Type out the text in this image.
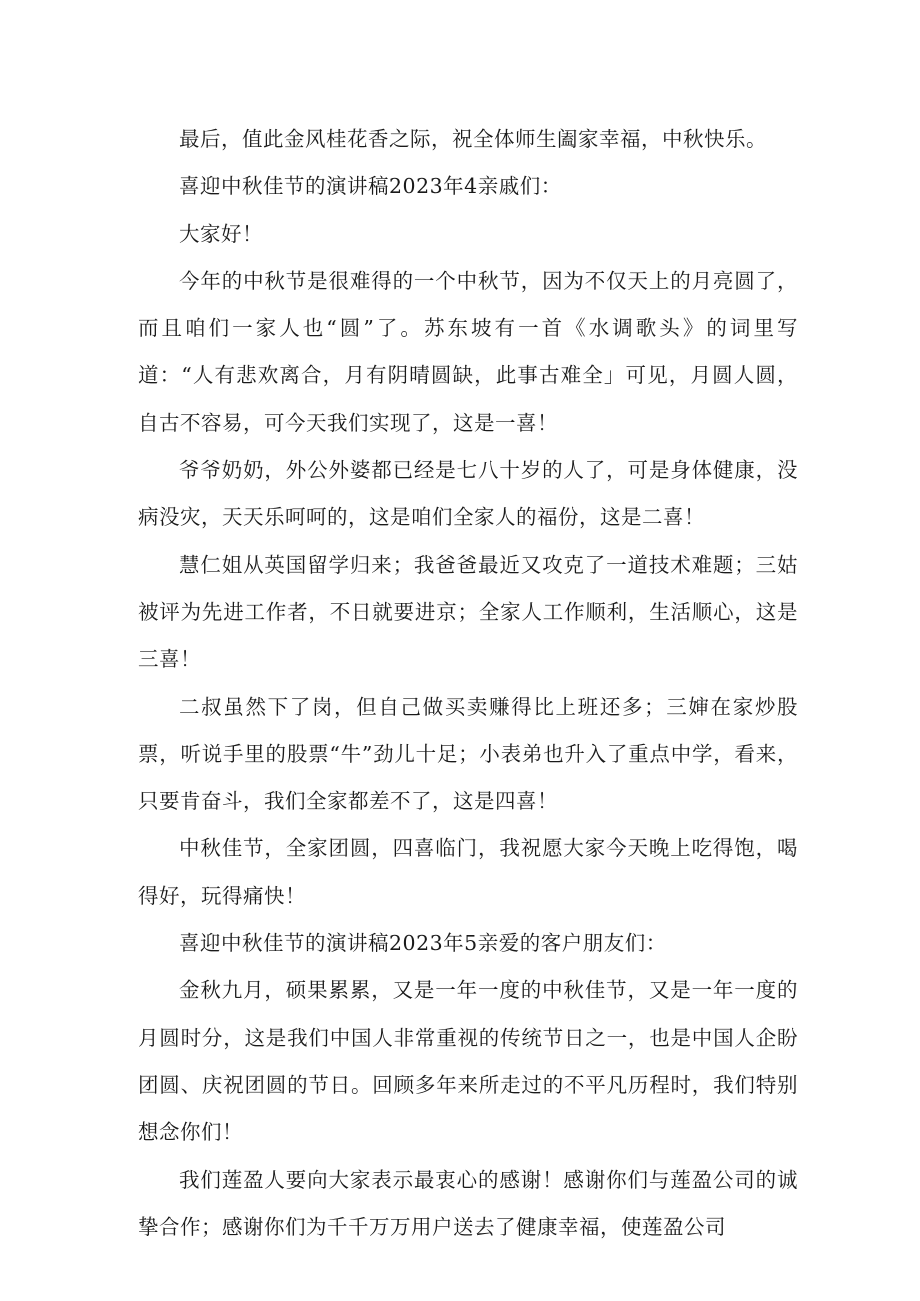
最后，值此金风桂花香之际，祝全体师生阖家幸福，中秋快乐。

喜迎中秋佳节的演讲稿2023年4亲戚们：

大家好！

今年的中秋节是很难得的一个中秋节，因为不仅天上的月亮圆了，而且咱们一家人也“圆”了。苏东坡有一首《水调歌头》的词里写道：“人有悲欢离合，月有阴晴圆缺，此事古难全」可见，月圆人圆，自古不容易，可今天我们实现了，这是一喜！

爷爷奶奶，外公外婆都已经是七八十岁的人了，可是身体健康，没病没灾，天天乐呵呵的，这是咱们全家人的福份，这是二喜！

慧仁姐从英国留学归来；我爸爸最近又攻克了一道技术难题；三姑被评为先进工作者，不日就要进京；全家人工作顺利，生活顺心，这是三喜！

二叔虽然下了岗，但自己做买卖赚得比上班还多；三婶在家炒股票，听说手里的股票“牛”劲儿十足；小表弟也升入了重点中学，看来，只要肯奋斗，我们全家都差不了，这是四喜！

中秋佳节，全家团圆，四喜临门，我祝愿大家今天晚上吃得饱，喝得好，玩得痛快！

喜迎中秋佳节的演讲稿2023年5亲爱的客户朋友们：

金秋九月，硕果累累，又是一年一度的中秋佳节，又是一年一度的月圆时分，这是我们中国人非常重视的传统节日之一，也是中国人企盼团圆、庆祝团圆的节日。回顾多年来所走过的不平凡历程时，我们特别想念你们！

我们莲盈人要向大家表示最衷心的感谢！感谢你们与莲盈公司的诚挚合作；感谢你们为千千万万用户送去了健康幸福，使莲盈公司
